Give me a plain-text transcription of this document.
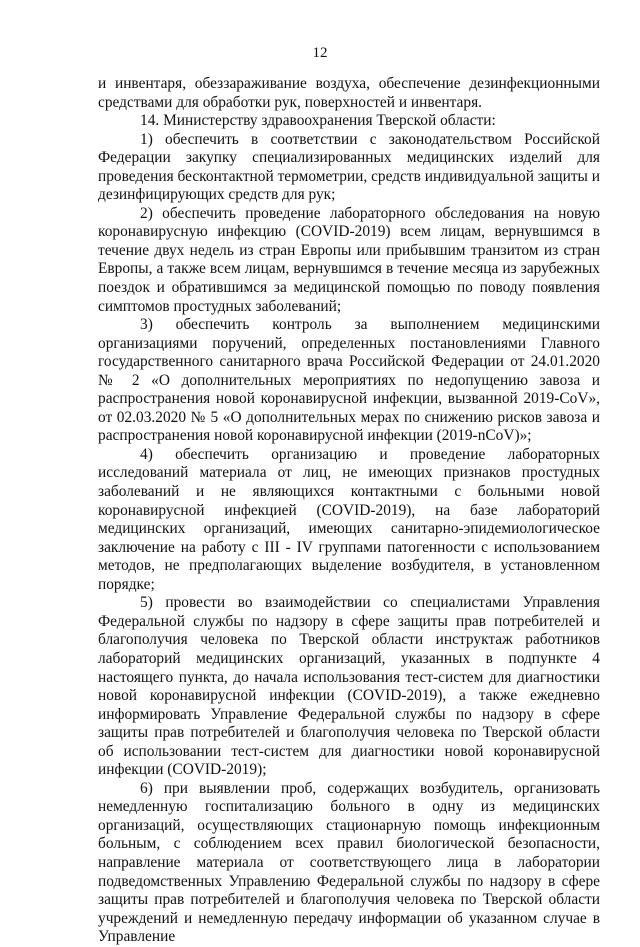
12

и инвентаря, обеззараживание воздуха, обеспечение дезинфекционными средствами для обработки рук, поверхностей и инвентаря.

14. Министерству здравоохранения Тверской области:

1) обеспечить в соответствии с законодательством Российской Федерации закупку специализированных медицинских изделий для проведения бесконтактной термометрии, средств индивидуальной защиты и дезинфицирующих средств для рук;

2) обеспечить проведение лабораторного обследования на новую коронавирусную инфекцию (COVID-2019) всем лицам, вернувшимся в течение двух недель из стран Европы или прибывшим транзитом из стран Европы, а также всем лицам, вернувшимся в течение месяца из зарубежных поездок и обратившимся за медицинской помощью по поводу появления симптомов простудных заболеваний;

3) обеспечить контроль за выполнением медицинскими организациями поручений, определенных постановлениями Главного государственного санитарного врача Российской Федерации от 24.01.2020 № 2 «О дополнительных мероприятиях по недопущению завоза и распространения новой коронавирусной инфекции, вызванной 2019-CoV», от 02.03.2020 № 5 «О дополнительных мерах по снижению рисков завоза и распространения новой коронавирусной инфекции (2019-nCoV)»;

4) обеспечить организацию и проведение лабораторных исследований материала от лиц, не имеющих признаков простудных заболеваний и не являющихся контактными с больными новой коронавирусной инфекцией (COVID-2019), на базе лабораторий медицинских организаций, имеющих санитарно-эпидемиологическое заключение на работу с III - IV группами патогенности с использованием методов, не предполагающих выделение возбудителя, в установленном порядке;

5) провести во взаимодействии со специалистами Управления Федеральной службы по надзору в сфере защиты прав потребителей и благополучия человека по Тверской области инструктаж работников лабораторий медицинских организаций, указанных в подпункте 4 настоящего пункта, до начала использования тест-систем для диагностики новой коронавирусной инфекции (COVID-2019), а также ежедневно информировать Управление Федеральной службы по надзору в сфере защиты прав потребителей и благополучия человека по Тверской области об использовании тест-систем для диагностики новой коронавирусной инфекции (COVID-2019);

6) при выявлении проб, содержащих возбудитель, организовать немедленную госпитализацию больного в одну из медицинских организаций, осуществляющих стационарную помощь инфекционным больным, с соблюдением всех правил биологической безопасности, направление материала от соответствующего лица в лаборатории подведомственных Управлению Федеральной службы по надзору в сфере защиты прав потребителей и благополучия человека по Тверской области учреждений и немедленную передачу информации об указанном случае в Управление
